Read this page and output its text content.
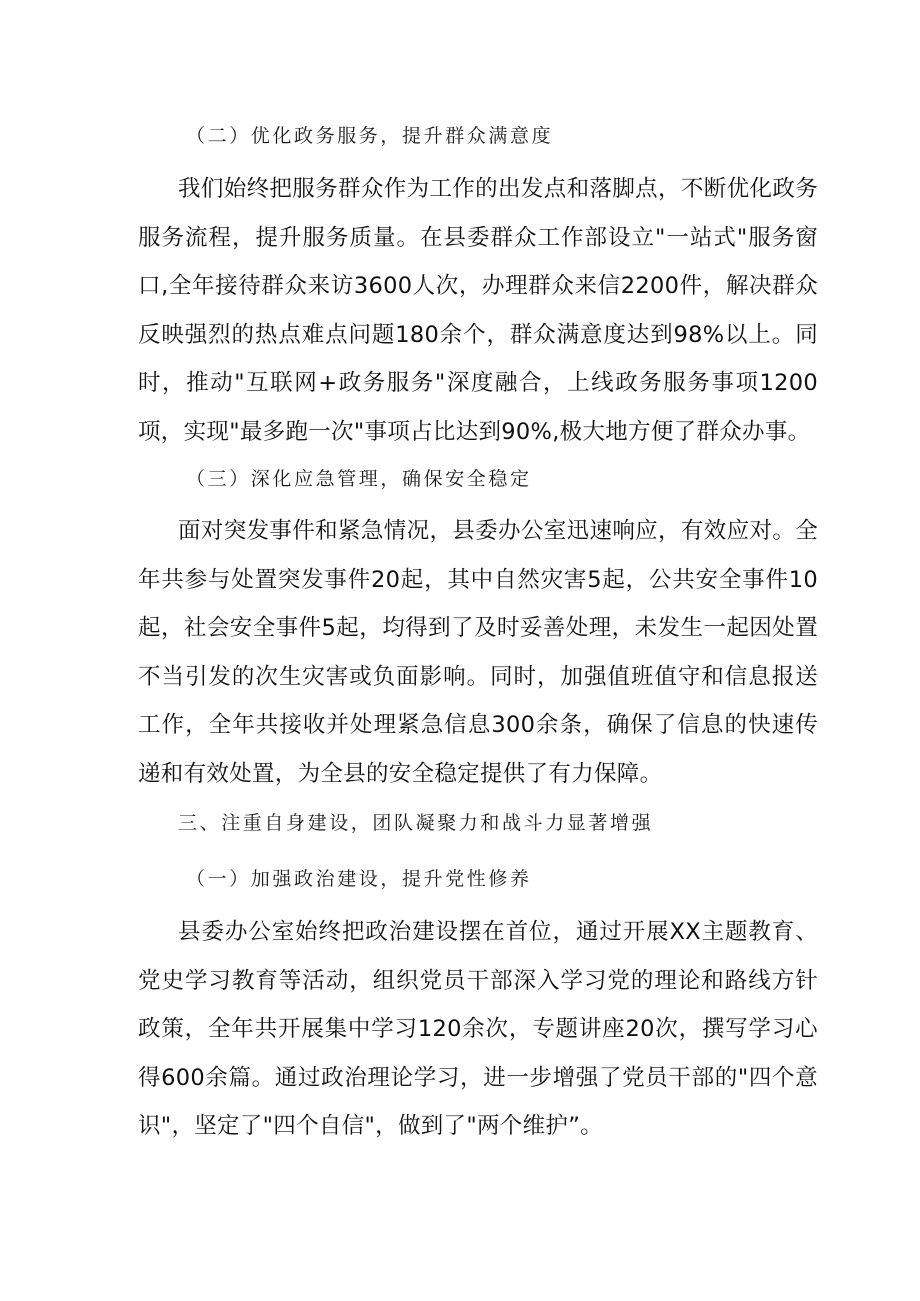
（二）优化政务服务，提升群众满意度

我们始终把服务群众作为工作的出发点和落脚点，不断优化政务服务流程，提升服务质量。在县委群众工作部设立"一站式"服务窗口,全年接待群众来访3600人次，办理群众来信2200件，解决群众反映强烈的热点难点问题180余个，群众满意度达到98%以上。同时，推动"互联网+政务服务"深度融合，上线政务服务事项1200项，实现"最多跑一次"事项占比达到90%,极大地方便了群众办事。

（三）深化应急管理，确保安全稳定

面对突发事件和紧急情况，县委办公室迅速响应，有效应对。全年共参与处置突发事件20起，其中自然灾害5起，公共安全事件10起，社会安全事件5起，均得到了及时妥善处理，未发生一起因处置不当引发的次生灾害或负面影响。同时，加强值班值守和信息报送工作，全年共接收并处理紧急信息300余条，确保了信息的快速传递和有效处置，为全县的安全稳定提供了有力保障。

三、注重自身建设，团队凝聚力和战斗力显著增强
（一）加强政治建设，提升党性修养

县委办公室始终把政治建设摆在首位，通过开展XX主题教育、党史学习教育等活动，组织党员干部深入学习党的理论和路线方针政策，全年共开展集中学习120余次，专题讲座20次，撰写学习心得600余篇。通过政治理论学习，进一步增强了党员干部的"四个意识"，坚定了"四个自信"，做到了"两个维护”。
